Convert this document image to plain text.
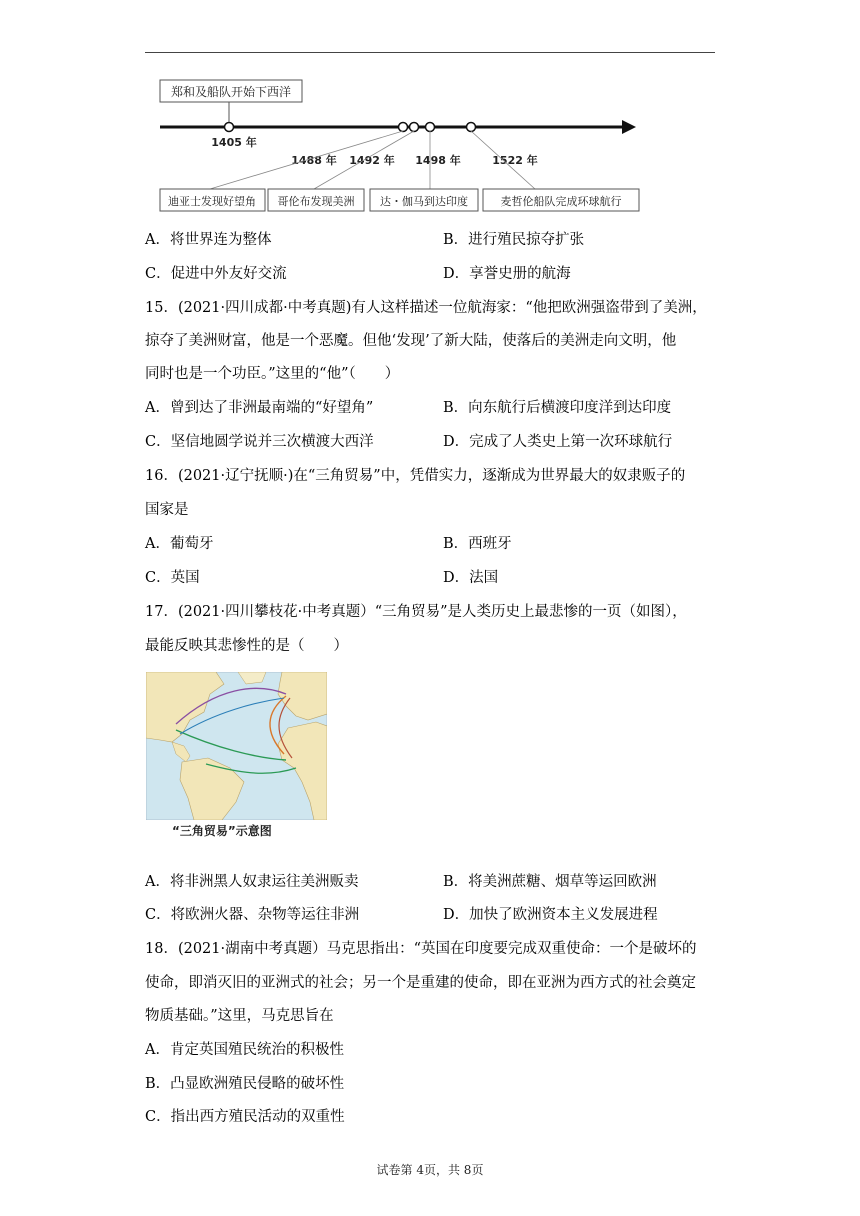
郑和及船队开始下西洋
1405 年
1488 年 1492 年 1498 年	1522 年
迪亚士发现好望角 哥伦布发现美洲 达・伽马到达印度	麦哲伦船队完成环球航行
A．将世界连为整体	B．进行殖民掠夺扩张
C．促进中外友好交流	D．享誉史册的航海
15．(2021·四川成都·中考真题)有人这样描述一位航海家：“他把欧洲强盗带到了美洲，
掠夺了美洲财富，他是一个恶魔。但他‘发现’了新大陆，使落后的美洲走向文明，他
同时也是一个功臣。”这里的“他”（　　）
A．曾到达了非洲最南端的“好望角”	B．向东航行后横渡印度洋到达印度
C．坚信地圆学说并三次横渡大西洋	D．完成了人类史上第一次环球航行
16．(2021·辽宁抚顺·)在“三角贸易”中，凭借实力，逐渐成为世界最大的奴隶贩子的
国家是
A．葡萄牙	B．西班牙
C．英国	D．法国
17．(2021·四川攀枝花·中考真题）“三角贸易”是人类历史上最悲惨的一页（如图），
最能反映其悲惨性的是（　　）
“三角贸易”示意图
A．将非洲黑人奴隶运往美洲贩卖	B．将美洲蔗糖、烟草等运回欧洲
C．将欧洲火器、杂物等运往非洲	D．加快了欧洲资本主义发展进程
18．(2021·湖南中考真题）马克思指出：“英国在印度要完成双重使命：一个是破坏的
使命，即消灭旧的亚洲式的社会；另一个是重建的使命，即在亚洲为西方式的社会奠定
物质基础。”这里，马克思旨在
A．肯定英国殖民统治的积极性
B．凸显欧洲殖民侵略的破坏性
C．指出西方殖民活动的双重性
试卷第 4页，共 8页
